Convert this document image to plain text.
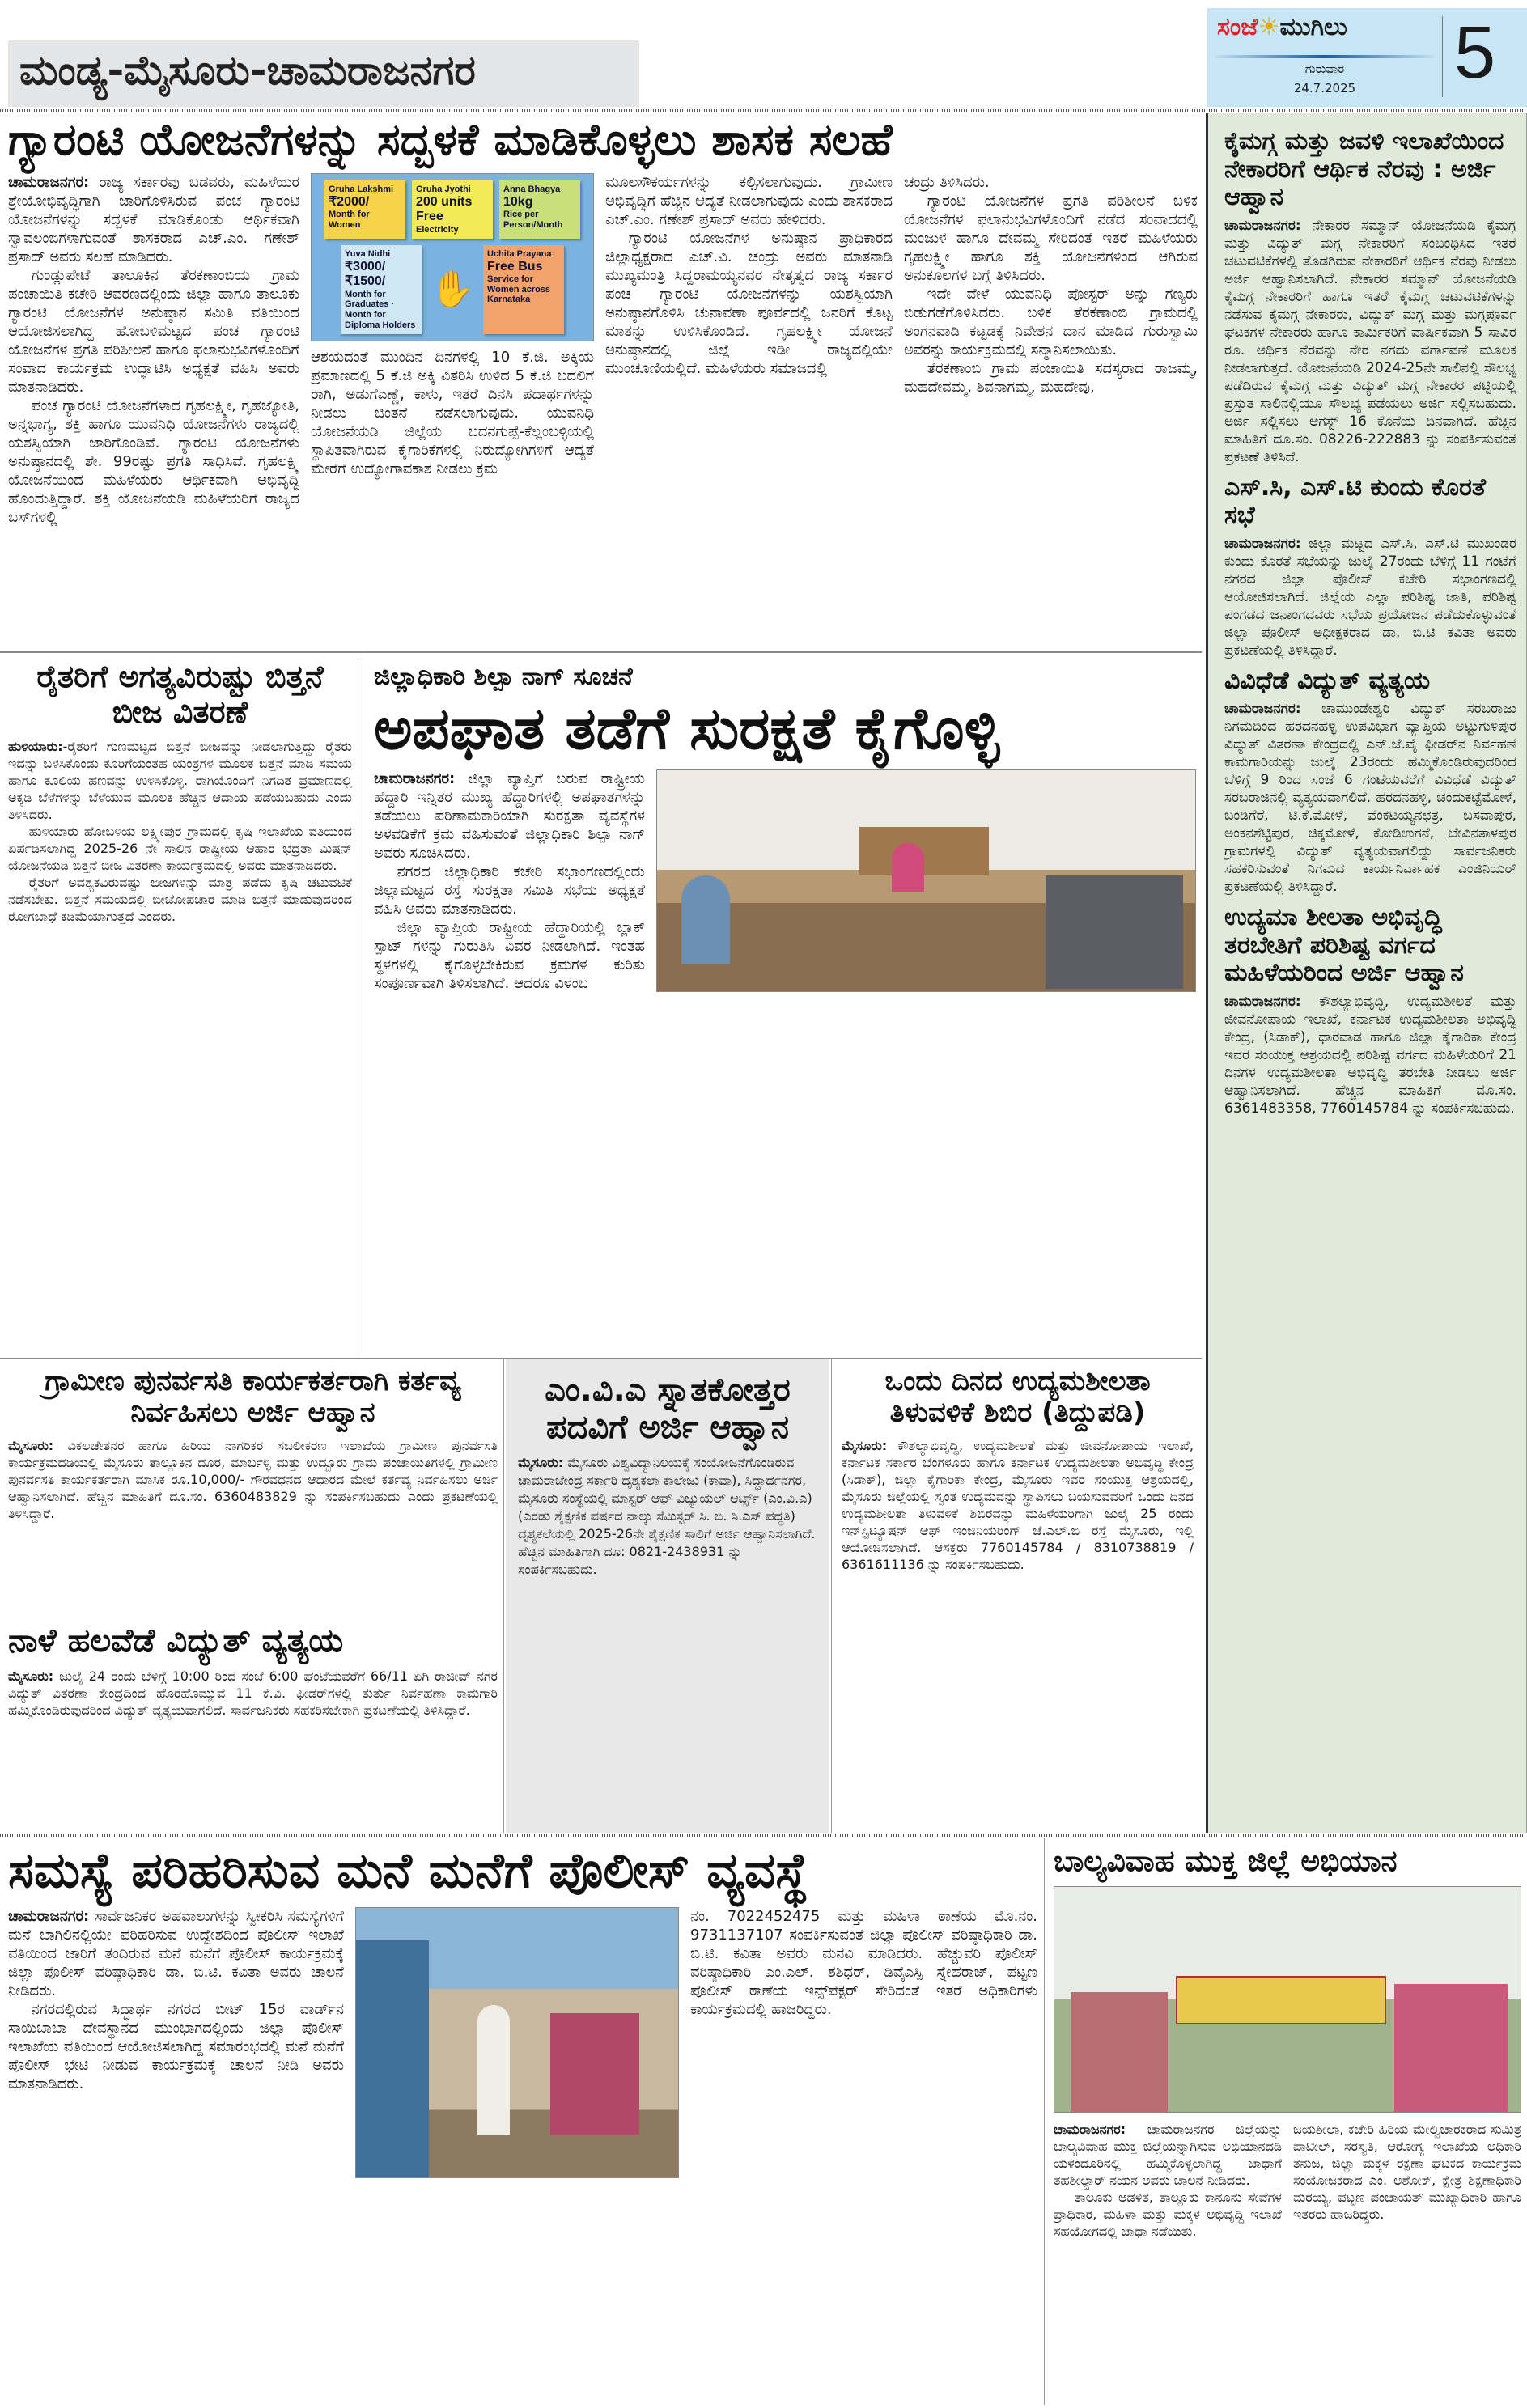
ಮಂಡ್ಯ-ಮೈಸೂರು-ಚಾಮರಾಜನಗರ
ಸಂಜೆ☀ಮುಗಿಲು
ಗುರುವಾರ
24.7.2025	5
ಗ್ಯಾರಂಟಿ ಯೋಜನೆಗಳನ್ನು ಸದ್ಬಳಕೆ ಮಾಡಿಕೊಳ್ಳಲು ಶಾಸಕ ಸಲಹೆ

ಚಾಮರಾಜನಗರ: ರಾಜ್ಯ ಸರ್ಕಾರವು ಬಡವರು, ಮಹಿಳೆಯರ ಶ್ರೇಯೋಭಿವೃದ್ಧಿಗಾಗಿ ಜಾರಿಗೊಳಿಸಿರುವ ಪಂಚ ಗ್ಯಾರಂಟಿ ಯೋಜನೆಗಳನ್ನು ಸದ್ಬಳಕೆ ಮಾಡಿಕೊಂಡು ಆರ್ಥಿಕವಾಗಿ ಸ್ವಾವಲಂಬಿಗಳಾಗುವಂತೆ ಶಾಸಕರಾದ ಎಚ್.ಎಂ. ಗಣೇಶ್ ಪ್ರಸಾದ್ ಅವರು ಸಲಹೆ ಮಾಡಿದರು.

ಗುಂಡ್ಲುಪೇಟೆ ತಾಲೂಕಿನ ತೆರಕಣಾಂಬಿಯ ಗ್ರಾಮ ಪಂಚಾಯಿತಿ ಕಚೇರಿ ಆವರಣದಲ್ಲಿಂದು ಜಿಲ್ಲಾ ಹಾಗೂ ತಾಲೂಕು ಗ್ಯಾರಂಟಿ ಯೋಜನೆಗಳ ಅನುಷ್ಠಾನ ಸಮಿತಿ ವತಿಯಿಂದ ಆಯೋಜಿಸಲಾಗಿದ್ದ ಹೋಬಳಿಮಟ್ಟದ ಪಂಚ ಗ್ಯಾರಂಟಿ ಯೋಜನೆಗಳ ಪ್ರಗತಿ ಪರಿಶೀಲನೆ ಹಾಗೂ ಫಲಾನುಭವಿಗಳೊಂದಿಗೆ ಸಂವಾದ ಕಾರ್ಯಕ್ರಮ ಉದ್ಘಾಟಿಸಿ ಅಧ್ಯಕ್ಷತೆ ವಹಿಸಿ ಅವರು ಮಾತನಾಡಿದರು.

ಪಂಚ ಗ್ಯಾರಂಟಿ ಯೋಜನೆಗಳಾದ ಗೃಹಲಕ್ಷ್ಮೀ, ಗೃಹಜ್ಯೋತಿ, ಅನ್ನಭಾಗ್ಯ, ಶಕ್ತಿ ಹಾಗೂ ಯುವನಿಧಿ ಯೋಜನೆಗಳು ರಾಜ್ಯದಲ್ಲಿ ಯಶಸ್ವಿಯಾಗಿ ಜಾರಿಗೊಂಡಿವೆ. ಗ್ಯಾರಂಟಿ ಯೋಜನೆಗಳು ಅನುಷ್ಠಾನದಲ್ಲಿ ಶೇ. 99ರಷ್ಟು ಪ್ರಗತಿ ಸಾಧಿಸಿವೆ. ಗೃಹಲಕ್ಷ್ಮಿ ಯೋಜನೆಯಿಂದ ಮಹಿಳೆಯರು ಆರ್ಥಿಕವಾಗಿ ಅಭಿವೃದ್ಧಿ ಹೊಂದುತ್ತಿದ್ದಾರೆ. ಶಕ್ತಿ ಯೋಜನೆಯಡಿ ಮಹಿಳೆಯರಿಗೆ ರಾಜ್ಯದ ಬಸ್‌ಗಳಲ್ಲಿ

Gruha Lakshmi
₹2000/
Month for Women
Gruha Jyothi
200 units Free
Electricity
Anna Bhagya
10kg
Rice per Person/Month
Yuva Nidhi
₹3000/ ₹1500/
Month for Graduates · Month for Diploma Holders
✋
Uchita Prayana
Free Bus
Service for Women across Karnataka

ಆಶಯದಂತೆ ಮುಂದಿನ ದಿನಗಳಲ್ಲಿ 10 ಕೆ.ಜಿ. ಅಕ್ಕಿಯ ಪ್ರಮಾಣದಲ್ಲಿ 5 ಕೆ.ಜಿ ಅಕ್ಕಿ ವಿತರಿಸಿ ಉಳಿದ 5 ಕೆ.ಜಿ ಬದಲಿಗೆ ರಾಗಿ, ಅಡುಗೆಎಣ್ಣೆ, ಕಾಳು, ಇತರೆ ದಿನಸಿ ಪದಾರ್ಥಗಳನ್ನು ನೀಡಲು ಚಿಂತನೆ ನಡೆಸಲಾಗುವುದು. ಯುವನಿಧಿ ಯೋಜನೆಯಡಿ ಜಿಲ್ಲೆಯ ಬದನಗುಪ್ಪೆ-ಕೆಲ್ಲಂಬಳ್ಳಿಯಲ್ಲಿ ಸ್ಥಾಪಿತವಾಗಿರುವ ಕೈಗಾರಿಕೆಗಳಲ್ಲಿ ನಿರುದ್ಯೋಗಿಗಳಿಗೆ ಆದ್ಯತೆ ಮೇರೆಗೆ ಉದ್ಯೋಗಾವಕಾಶ ನೀಡಲು ಕ್ರಮ

ಮೂಲಸೌಕರ್ಯಗಳನ್ನು ಕಲ್ಪಿಸಲಾಗುವುದು. ಗ್ರಾಮೀಣ ಅಭಿವೃದ್ಧಿಗೆ ಹೆಚ್ಚಿನ ಆದ್ಯತೆ ನೀಡಲಾಗುವುದು ಎಂದು ಶಾಸಕರಾದ ಎಚ್.ಎಂ. ಗಣೇಶ್ ಪ್ರಸಾದ್ ಅವರು ಹೇಳಿದರು.

ಗ್ಯಾರಂಟಿ ಯೋಜನೆಗಳ ಅನುಷ್ಠಾನ ಪ್ರಾಧಿಕಾರದ ಜಿಲ್ಲಾಧ್ಯಕ್ಷರಾದ ಎಚ್.ವಿ. ಚಂದ್ರು ಅವರು ಮಾತನಾಡಿ ಮುಖ್ಯಮಂತ್ರಿ ಸಿದ್ದರಾಮಯ್ಯನವರ ನೇತೃತ್ವದ ರಾಜ್ಯ ಸರ್ಕಾರ ಪಂಚ ಗ್ಯಾರಂಟಿ ಯೋಜನೆಗಳನ್ನು ಯಶಸ್ವಿಯಾಗಿ ಅನುಷ್ಠಾನಗೊಳಿಸಿ ಚುನಾವಣಾ ಪೂರ್ವದಲ್ಲಿ ಜನರಿಗೆ ಕೊಟ್ಟ ಮಾತನ್ನು ಉಳಿಸಿಕೊಂಡಿದೆ. ಗೃಹಲಕ್ಷ್ಮೀ ಯೋಜನೆ ಅನುಷ್ಠಾನದಲ್ಲಿ ಜಿಲ್ಲೆ ಇಡೀ ರಾಜ್ಯದಲ್ಲಿಯೇ ಮುಂಚೂಣಿಯಲ್ಲಿದೆ. ಮಹಿಳೆಯರು ಸಮಾಜದಲ್ಲಿ

ಚಂದ್ರು ತಿಳಿಸಿದರು.

ಗ್ಯಾರಂಟಿ ಯೋಜನೆಗಳ ಪ್ರಗತಿ ಪರಿಶೀಲನೆ ಬಳಿಕ ಯೋಜನೆಗಳ ಫಲಾನುಭವಿಗಳೊಂದಿಗೆ ನಡೆದ ಸಂವಾದದಲ್ಲಿ ಮಂಜುಳ ಹಾಗೂ ದೇವಮ್ಮ ಸೇರಿದಂತೆ ಇತರೆ ಮಹಿಳೆಯರು ಗೃಹಲಕ್ಷ್ಮೀ ಹಾಗೂ ಶಕ್ತಿ ಯೋಜನೆಗಳಿಂದ ಆಗಿರುವ ಅನುಕೂಲಗಳ ಬಗ್ಗೆ ತಿಳಿಸಿದರು.

ಇದೇ ವೇಳೆ ಯುವನಿಧಿ ಪೋಸ್ಟರ್ ಅನ್ನು ಗಣ್ಯರು ಬಿಡುಗಡೆಗೊಳಿಸಿದರು. ಬಳಿಕ ತೆರಕಣಾಂಬಿ ಗ್ರಾಮದಲ್ಲಿ ಅಂಗನವಾಡಿ ಕಟ್ಟಡಕ್ಕೆ ನಿವೇಶನ ದಾನ ಮಾಡಿದ ಗುರುಸ್ವಾಮಿ ಅವರನ್ನು ಕಾರ್ಯಕ್ರಮದಲ್ಲಿ ಸನ್ಮಾನಿಸಲಾಯಿತು.

ತೆರಕಣಾಂಬಿ ಗ್ರಾಮ ಪಂಚಾಯಿತಿ ಸದಸ್ಯರಾದ ರಾಜಮ್ಮ, ಮಹದೇವಮ್ಮ, ಶಿವನಾಗಮ್ಮ, ಮಹದೇವು,

ರೈತರಿಗೆ ಅಗತ್ಯವಿರುಷ್ಟು ಬಿತ್ತನೆ ಬೀಜ ವಿತರಣೆ

ಹುಳಿಯಾರು:-ರೈತರಿಗೆ ಗುಣಮಟ್ಟದ ಬಿತ್ತನೆ ಬೀಜವನ್ನು ನೀಡಲಾಗುತ್ತಿದ್ದು ರೈತರು ಇದನ್ನು ಬಳಸಿಕೊಂಡು ಕೂರಿಗೆಯಂತಹ ಯಂತ್ರಗಳ ಮೂಲಕ ಬಿತ್ತನೆ ಮಾಡಿ ಸಮಯ ಹಾಗೂ ಕೂಲಿಯ ಹಣವನ್ನು ಉಳಿಸಿಕೊಳ್ಳಿ. ರಾಗಿಯೊಂದಿಗೆ ನಿಗದಿತ ಪ್ರಮಾಣದಲ್ಲಿ ಅಕ್ಕಡಿ ಬೆಳೆಗಳನ್ನು ಬೆಳೆಯುವ ಮೂಲಕ ಹೆಚ್ಚಿನ ಆದಾಯ ಪಡೆಯಬಹುದು ಎಂದು ತಿಳಿಸಿದರು.

ಹುಳಿಯಾರು ಹೋಬಳಿಯ ಲಕ್ಷ್ಮೀಪುರ ಗ್ರಾಮದಲ್ಲಿ ಕೃಷಿ ಇಲಾಖೆಯ ವತಿಯಿಂದ ಏರ್ಪಡಿಸಲಾಗಿದ್ದ 2025-26 ನೇ ಸಾಲಿನ ರಾಷ್ಟ್ರೀಯ ಆಹಾರ ಭದ್ರತಾ ಮಿಷನ್ ಯೋಜನೆಯಡಿ ಬಿತ್ತನೆ ಬೀಜ ವಿತರಣಾ ಕಾರ್ಯಕ್ರಮದಲ್ಲಿ ಅವರು ಮಾತನಾಡಿದರು.

ರೈತರಿಗೆ ಅವಶ್ಯಕವಿರುವಷ್ಟು ಬೀಜಗಳನ್ನು ಮಾತ್ರ ಪಡೆದು ಕೃಷಿ ಚಟುವಟಿಕೆ ನಡೆಸಬೇಕು. ಬಿತ್ತನೆ ಸಮಯದಲ್ಲಿ ಬೀಜೋಪಚಾರ ಮಾಡಿ ಬಿತ್ತನೆ ಮಾಡುವುದರಿಂದ ರೋಗಬಾಧೆ ಕಡಿಮೆಯಾಗುತ್ತದೆ ಎಂದರು.

ಜಿಲ್ಲಾಧಿಕಾರಿ ಶಿಲ್ಪಾ ನಾಗ್ ಸೂಚನೆ
ಅಪಘಾತ ತಡೆಗೆ ಸುರಕ್ಷತೆ ಕೈಗೊಳ್ಳಿ

ಚಾಮರಾಜನಗರ: ಜಿಲ್ಲಾ ವ್ಯಾಪ್ತಿಗೆ ಬರುವ ರಾಷ್ಟ್ರೀಯ ಹೆದ್ದಾರಿ ಇನ್ನಿತರ ಮುಖ್ಯ ಹೆದ್ದಾರಿಗಳಲ್ಲಿ ಅಪಘಾತಗಳನ್ನು ತಡೆಯಲು ಪರಿಣಾಮಕಾರಿಯಾಗಿ ಸುರಕ್ಷತಾ ವ್ಯವಸ್ಥೆಗಳ ಅಳವಡಿಕೆಗೆ ಕ್ರಮ ವಹಿಸುವಂತೆ ಜಿಲ್ಲಾಧಿಕಾರಿ ಶಿಲ್ಪಾ ನಾಗ್ ಅವರು ಸೂಚಿಸಿದರು.

ನಗರದ ಜಿಲ್ಲಾಧಿಕಾರಿ ಕಚೇರಿ ಸಭಾಂಗಣದಲ್ಲಿಂದು ಜಿಲ್ಲಾಮಟ್ಟದ ರಸ್ತೆ ಸುರಕ್ಷತಾ ಸಮಿತಿ ಸಭೆಯ ಅಧ್ಯಕ್ಷತೆ ವಹಿಸಿ ಅವರು ಮಾತನಾಡಿದರು.

ಜಿಲ್ಲಾ ವ್ಯಾಪ್ತಿಯ ರಾಷ್ಟ್ರೀಯ ಹೆದ್ದಾರಿಯಲ್ಲಿ ಬ್ಲಾಕ್ ಸ್ಪಾಟ್ ಗಳನ್ನು ಗುರುತಿಸಿ ವಿವರ ನೀಡಲಾಗಿದೆ. ಇಂತಹ ಸ್ಥಳಗಳಲ್ಲಿ ಕೈಗೊಳ್ಳಬೇಕಿರುವ ಕ್ರಮಗಳ ಕುರಿತು ಸಂಪೂರ್ಣವಾಗಿ ತಿಳಿಸಲಾಗಿದೆ. ಆದರೂ ವಿಳಂಬ

ಗ್ರಾಮೀಣ ಪುನರ್ವಸತಿ ಕಾರ್ಯಕರ್ತರಾಗಿ ಕರ್ತವ್ಯ ನಿರ್ವಹಿಸಲು ಅರ್ಜಿ ಆಹ್ವಾನ

ಮೈಸೂರು: ವಿಕಲಚೇತನರ ಹಾಗೂ ಹಿರಿಯ ನಾಗರಿಕರ ಸಬಲೀಕರಣ ಇಲಾಖೆಯ ಗ್ರಾಮೀಣ ಪುನರ್ವಸತಿ ಕಾರ್ಯಕ್ರಮದಡಿಯಲ್ಲಿ ಮೈಸೂರು ತಾಲ್ಲೂಕಿನ ದೂರ, ಮಾರ್ಬಳ್ಳಿ ಮತ್ತು ಉದ್ಬೂರು ಗ್ರಾಮ ಪಂಚಾಯಿತಿಗಳಲ್ಲಿ ಗ್ರಾಮೀಣ ಪುನರ್ವಸತಿ ಕಾರ್ಯಕರ್ತರಾಗಿ ಮಾಸಿಕ ರೂ.10,000/- ಗೌರವಧನದ ಆಧಾರದ ಮೇಲೆ ಕರ್ತವ್ಯ ನಿರ್ವಹಿಸಲು ಅರ್ಜಿ ಆಹ್ವಾನಿಸಲಾಗಿದೆ. ಹೆಚ್ಚಿನ ಮಾಹಿತಿಗೆ ದೂ.ಸಂ. 6360483829 ನ್ನು ಸಂಪರ್ಕಿಸಬಹುದು ಎಂದು ಪ್ರಕಟಣೆಯಲ್ಲಿ ತಿಳಿಸಿದ್ದಾರೆ.

ನಾಳೆ ಹಲವೆಡೆ ವಿದ್ಯುತ್ ವ್ಯತ್ಯಯ

ಮೈಸೂರು: ಜುಲೈ 24 ರಂದು ಬೆಳಿಗ್ಗೆ 10:00 ರಿಂದ ಸಂಜೆ 6:00 ಘಂಟೆಯವರೆಗೆ 66/11 ಏಗಿ ರಾಜೀವ್ ನಗರ ವಿದ್ಯುತ್ ವಿತರಣಾ ಕೇಂದ್ರದಿಂದ ಹೊರಹೊಮ್ಮುವ 11 ಕೆ.ವಿ. ಫೀಡರ್‌ಗಳಲ್ಲಿ ತುರ್ತು ನಿರ್ವಹಣಾ ಕಾಮಗಾರಿ ಹಮ್ಮಿಕೊಂಡಿರುವುದರಿಂದ ವಿದ್ಯುತ್ ವ್ಯತ್ಯಯವಾಗಲಿದೆ. ಸಾರ್ವಜನಿಕರು ಸಹಕರಿಸಬೇಕಾಗಿ ಪ್ರಕಟಣೆಯಲ್ಲಿ ತಿಳಿಸಿದ್ದಾರೆ.

ಎಂ.ವಿ.ಎ ಸ್ನಾತಕೋತ್ತರ ಪದವಿಗೆ ಅರ್ಜಿ ಆಹ್ವಾನ

ಮೈಸೂರು: ಮೈಸೂರು ವಿಶ್ವವಿದ್ಯಾನಿಲಯಕ್ಕೆ ಸಂಯೋಜನೆಗೊಂಡಿರುವ ಚಾಮರಾಜೇಂದ್ರ ಸರ್ಕಾರಿ ದೃಶ್ಯಕಲಾ ಕಾಲೇಜು (ಕಾವಾ), ಸಿದ್ಧಾರ್ಥನಗರ, ಮೈಸೂರು ಸಂಸ್ಥೆಯಲ್ಲಿ ಮಾಸ್ಟರ್ ಆಫ್ ವಿಜ್ಯುಯಲ್ ಆರ್ಟ್ಸ್ (ಎಂ.ವಿ.ಎ) (ಎರಡು ಶೈಕ್ಷಣಿಕ ವರ್ಷದ ನಾಲ್ಕು ಸೆಮಿಸ್ಟರ್ ಸಿ. ಬಿ. ಸಿ.ಎಸ್ ಪದ್ಧತಿ) ದೃಶ್ಯಕಲೆಯಲ್ಲಿ 2025-26ನೇ ಶೈಕ್ಷಣಿಕ ಸಾಲಿಗೆ ಅರ್ಜಿ ಆಹ್ವಾನಿಸಲಾಗಿದೆ. ಹೆಚ್ಚಿನ ಮಾಹಿತಿಗಾಗಿ ದೂ: 0821-2438931 ನ್ನು ಸಂಪರ್ಕಿಸಬಹುದು.

ಒಂದು ದಿನದ ಉದ್ಯಮಶೀಲತಾ ತಿಳುವಳಿಕೆ ಶಿಬಿರ (ತಿದ್ದುಪಡಿ)

ಮೈಸೂರು: ಕೌಶಲ್ಯಾಭಿವೃದ್ಧಿ, ಉದ್ಯಮಶೀಲತೆ ಮತ್ತು ಜೀವನೋಪಾಯ ಇಲಾಖೆ, ಕರ್ನಾಟಕ ಸರ್ಕಾರ ಬೆಂಗಳೂರು ಹಾಗೂ ಕರ್ನಾಟಕ ಉದ್ಯಮಶೀಲತಾ ಅಭಿವೃದ್ಧಿ ಕೇಂದ್ರ (ಸಿಡಾಕ್), ಜಿಲ್ಲಾ ಕೈಗಾರಿಕಾ ಕೇಂದ್ರ, ಮೈಸೂರು ಇವರ ಸಂಯುಕ್ತ ಆಶ್ರಯದಲ್ಲಿ, ಮೈಸೂರು ಜಿಲ್ಲೆಯಲ್ಲಿ ಸ್ವಂತ ಉದ್ಯಮವನ್ನು ಸ್ಥಾಪಿಸಲು ಬಯಸುವವರಿಗೆ ಒಂದು ದಿನದ ಉದ್ಯಮಶೀಲತಾ ತಿಳುವಳಿಕೆ ಶಿಬಿರವನ್ನು ಮಹಿಳೆಯರಿಗಾಗಿ ಜುಲೈ 25 ರಂದು ಇನ್‌ಸ್ಟಿಟ್ಯೂಷನ್ ಆಫ್ ಇಂಜಿನಿಯರಿಂಗ್ ಜೆ.ಎಲ್.ಬಿ ರಸ್ತೆ ಮೈಸೂರು, ಇಲ್ಲಿ ಆಯೋಜಿಸಲಾಗಿದೆ. ಆಸಕ್ತರು 7760145784 / 8310738819 / 6361611136 ನ್ನು ಸಂಪರ್ಕಿಸಬಹುದು.

ಕೈಮಗ್ಗ ಮತ್ತು ಜವಳಿ ಇಲಾಖೆಯಿಂದ ನೇಕಾರರಿಗೆ ಆರ್ಥಿಕ ನೆರವು : ಅರ್ಜಿ ಆಹ್ವಾನ
ಚಾಮರಾಜನಗರ: ನೇಕಾರರ ಸಮ್ಮಾನ್ ಯೋಜನೆಯಡಿ ಕೈಮಗ್ಗ ಮತ್ತು ವಿದ್ಯುತ್ ಮಗ್ಗ ನೇಕಾರರಿಗೆ ಸಂಬಂಧಿಸಿದ ಇತರೆ ಚಟುವಟಿಕೆಗಳಲ್ಲಿ ತೊಡಗಿರುವ ನೇಕಾರರಿಗೆ ಆರ್ಥಿಕ ನೆರವು ನೀಡಲು ಅರ್ಜಿ ಆಹ್ವಾನಿಸಲಾಗಿದೆ. ನೇಕಾರರ ಸಮ್ಮಾನ್ ಯೋಜನೆಯಡಿ ಕೈಮಗ್ಗ ನೇಕಾರರಿಗೆ ಹಾಗೂ ಇತರೆ ಕೈಮಗ್ಗ ಚಟುವಟಿಕೆಗಳನ್ನು ನಡೆಸುವ ಕೈಮಗ್ಗ ನೇಕಾರರು, ವಿದ್ಯುತ್ ಮಗ್ಗ ಮತ್ತು ಮಗ್ಗಪೂರ್ವ ಘಟಕಗಳ ನೇಕಾರರು ಹಾಗೂ ಕಾರ್ಮಿಕರಿಗೆ ವಾರ್ಷಿಕವಾಗಿ 5 ಸಾವಿರ ರೂ. ಆರ್ಥಿಕ ನೆರವನ್ನು ನೇರ ನಗದು ವರ್ಗಾವಣೆ ಮೂಲಕ ನೀಡಲಾಗುತ್ತದೆ. ಯೋಜನೆಯಡಿ 2024-25ನೇ ಸಾಲಿನಲ್ಲಿ ಸೌಲಭ್ಯ ಪಡೆದಿರುವ ಕೈಮಗ್ಗ ಮತ್ತು ವಿದ್ಯುತ್ ಮಗ್ಗ ನೇಕಾರರ ಪಟ್ಟಿಯಲ್ಲಿ ಪ್ರಸ್ತುತ ಸಾಲಿನಲ್ಲಿಯೂ ಸೌಲಭ್ಯ ಪಡೆಯಲು ಅರ್ಜಿ ಸಲ್ಲಿಸಬಹುದು. ಅರ್ಜಿ ಸಲ್ಲಿಸಲು ಆಗಸ್ಟ್ 16 ಕೊನೆಯ ದಿನವಾಗಿದೆ. ಹೆಚ್ಚಿನ ಮಾಹಿತಿಗೆ ದೂ.ಸಂ. 08226-222883 ನ್ನು ಸಂಪರ್ಕಿಸುವಂತೆ ಪ್ರಕಟಣೆ ತಿಳಿಸಿದೆ.
ಎಸ್.ಸಿ, ಎಸ್.ಟಿ ಕುಂದು ಕೊರತೆ ಸಭೆ
ಚಾಮರಾಜನಗರ: ಜಿಲ್ಲಾ ಮಟ್ಟದ ಎಸ್.ಸಿ, ಎಸ್.ಟಿ ಮುಖಂಡರ ಕುಂದು ಕೊರತೆ ಸಭೆಯನ್ನು ಜುಲೈ 27ರಂದು ಬೆಳಿಗ್ಗೆ 11 ಗಂಟೆಗೆ ನಗರದ ಜಿಲ್ಲಾ ಪೊಲೀಸ್ ಕಚೇರಿ ಸಭಾಂಗಣದಲ್ಲಿ ಆಯೋಜಿಸಲಾಗಿದೆ. ಜಿಲ್ಲೆಯ ಎಲ್ಲಾ ಪರಿಶಿಷ್ಟ ಜಾತಿ, ಪರಿಶಿಷ್ಟ ಪಂಗಡದ ಜನಾಂಗದವರು ಸಭೆಯ ಪ್ರಯೋಜನ ಪಡೆದುಕೊಳ್ಳುವಂತೆ ಜಿಲ್ಲಾ ಪೊಲೀಸ್ ಅಧೀಕ್ಷಕರಾದ ಡಾ. ಬಿ.ಟಿ ಕವಿತಾ ಅವರು ಪ್ರಕಟಣೆಯಲ್ಲಿ ತಿಳಿಸಿದ್ದಾರೆ.
ವಿವಿಧೆಡೆ ವಿದ್ಯುತ್ ವ್ಯತ್ಯಯ
ಚಾಮರಾಜನಗರ: ಚಾಮುಂಡೇಶ್ವರಿ ವಿದ್ಯುತ್ ಸರಬರಾಜು ನಿಗಮದಿಂದ ಹರದನಹಳ್ಳಿ ಉಪವಿಭಾಗ ವ್ಯಾಪ್ತಿಯ ಅಟ್ಟುಗುಳಿಪುರ ವಿದ್ಯುತ್ ವಿತರಣಾ ಕೇಂದ್ರದಲ್ಲಿ ಎನ್.ಜೆ.ವೈ ಫೀಡರ್‌ನ ನಿರ್ವಹಣೆ ಕಾಮಗಾರಿಯನ್ನು ಜುಲೈ 23ರಂದು ಹಮ್ಮಿಕೊಂಡಿರುವುದರಿಂದ ಬೆಳಿಗ್ಗೆ 9 ರಿಂದ ಸಂಜೆ 6 ಗಂಟೆಯವರೆಗೆ ವಿವಿಧೆಡೆ ವಿದ್ಯುತ್ ಸರಬರಾಜಿನಲ್ಲಿ ವ್ಯತ್ಯಯವಾಗಲಿದೆ. ಹರದನಹಳ್ಳಿ, ಚಂದುಕಟ್ಟೆಮೋಳೆ, ಬಂಡಿಗೆರೆ, ಟಿ.ಕೆ.ಮೋಳೆ, ವೆಂಕಟಯ್ಯನಛತ್ರ, ಬಸವಾಪುರ, ಅಂಕನಶೆಟ್ಟಿಪುರ, ಚಿಕ್ಕಮೋಳೆ, ಕೋಡಿಉಗನೆ, ಬೇವಿನತಾಳಪುರ ಗ್ರಾಮಗಳಲ್ಲಿ ವಿದ್ಯುತ್ ವ್ಯತ್ಯಯವಾಗಲಿದ್ದು ಸಾರ್ವಜನಿಕರು ಸಹಕರಿಸುವಂತೆ ನಿಗಮದ ಕಾರ್ಯನಿರ್ವಾಹಕ ಎಂಜಿನಿಯರ್ ಪ್ರಕಟಣೆಯಲ್ಲಿ ತಿಳಿಸಿದ್ದಾರೆ.
ಉದ್ಯಮಾ ಶೀಲತಾ ಅಭಿವೃದ್ಧಿ ತರಬೇತಿಗೆ ಪರಿಶಿಷ್ಟ ವರ್ಗದ ಮಹಿಳೆಯರಿಂದ ಅರ್ಜಿ ಆಹ್ವಾನ
ಚಾಮರಾಜನಗರ: ಕೌಶಲ್ಯಾಭಿವೃದ್ಧಿ, ಉದ್ಯಮಶೀಲತೆ ಮತ್ತು ಜೀವನೋಪಾಯ ಇಲಾಖೆ, ಕರ್ನಾಟಕ ಉದ್ಯಮಶೀಲತಾ ಅಭಿವೃದ್ಧಿ ಕೇಂದ್ರ, (ಸಿಡಾಕ್), ಧಾರವಾಡ ಹಾಗೂ ಜಿಲ್ಲಾ ಕೈಗಾರಿಕಾ ಕೇಂದ್ರ ಇವರ ಸಂಯುಕ್ತ ಆಶ್ರಯದಲ್ಲಿ ಪರಿಶಿಷ್ಟ ವರ್ಗದ ಮಹಿಳೆಯರಿಗೆ 21 ದಿನಗಳ ಉದ್ಯಮಶೀಲತಾ ಅಭಿವೃದ್ಧಿ ತರಬೇತಿ ನೀಡಲು ಅರ್ಜಿ ಆಹ್ವಾನಿಸಲಾಗಿದೆ. ಹೆಚ್ಚಿನ ಮಾಹಿತಿಗೆ ಮೊ.ಸಂ. 6361483358, 7760145784 ನ್ನು ಸಂಪರ್ಕಿಸಬಹುದು.
ಸಮಸ್ಯೆ ಪರಿಹರಿಸುವ ಮನೆ ಮನೆಗೆ ಪೊಲೀಸ್ ವ್ಯವಸ್ಥೆ

ಚಾಮರಾಜನಗರ: ಸಾರ್ವಜನಿಕರ ಅಹವಾಲುಗಳನ್ನು ಸ್ವೀಕರಿಸಿ ಸಮಸ್ಯೆಗಳಿಗೆ ಮನೆ ಬಾಗಿಲಿನಲ್ಲಿಯೇ ಪರಿಹರಿಸುವ ಉದ್ದೇಶದಿಂದ ಪೊಲೀಸ್ ಇಲಾಖೆ ವತಿಯಿಂದ ಜಾರಿಗೆ ತಂದಿರುವ ಮನೆ ಮನೆಗೆ ಪೊಲೀಸ್ ಕಾರ್ಯಕ್ರಮಕ್ಕೆ ಜಿಲ್ಲಾ ಪೊಲೀಸ್ ವರಿಷ್ಠಾಧಿಕಾರಿ ಡಾ. ಬಿ.ಟಿ. ಕವಿತಾ ಅವರು ಚಾಲನೆ ನೀಡಿದರು.

ನಗರದಲ್ಲಿರುವ ಸಿದ್ಧಾರ್ಥ ನಗರದ ಬೀಟ್ 15ರ ವಾರ್ಡ್‌ನ ಸಾಯಿಬಾಬಾ ದೇವಸ್ಥಾನದ ಮುಂಭಾಗದಲ್ಲಿಂದು ಜಿಲ್ಲಾ ಪೊಲೀಸ್ ಇಲಾಖೆಯ ವತಿಯಿಂದ ಆಯೋಜಿಸಲಾಗಿದ್ದ ಸಮಾರಂಭದಲ್ಲಿ ಮನೆ ಮನೆಗೆ ಪೊಲೀಸ್ ಭೇಟಿ ನೀಡುವ ಕಾರ್ಯಕ್ರಮಕ್ಕೆ ಚಾಲನೆ ನೀಡಿ ಅವರು ಮಾತನಾಡಿದರು.

ನಂ. 7022452475 ಮತ್ತು ಮಹಿಳಾ ಠಾಣೆಯ ಮೊ.ನಂ. 9731137107 ಸಂಪರ್ಕಿಸುವಂತೆ ಜಿಲ್ಲಾ ಪೊಲೀಸ್ ವರಿಷ್ಠಾಧಿಕಾರಿ ಡಾ. ಬಿ.ಟಿ. ಕವಿತಾ ಅವರು ಮನವಿ ಮಾಡಿದರು. ಹೆಚ್ಚುವರಿ ಪೊಲೀಸ್ ವರಿಷ್ಠಾಧಿಕಾರಿ ಎಂ.ಎಲ್. ಶಶಿಧರ್, ಡಿವೈಎಸ್ಪಿ ಸ್ನೇಹರಾಜ್, ಪಟ್ಟಣ ಪೊಲೀಸ್ ಠಾಣೆಯ ಇನ್ಸ್‌ಪೆಕ್ಟರ್ ಸೇರಿದಂತೆ ಇತರೆ ಅಧಿಕಾರಿಗಳು ಕಾರ್ಯಕ್ರಮದಲ್ಲಿ ಹಾಜರಿದ್ದರು.

ಬಾಲ್ಯವಿವಾಹ ಮುಕ್ತ ಜಿಲ್ಲೆ ಅಭಿಯಾನ

ಚಾಮರಾಜನಗರ: ಚಾಮರಾಜನಗರ ಜಿಲ್ಲೆಯನ್ನು ಬಾಲ್ಯವಿವಾಹ ಮುಕ್ತ ಜಿಲ್ಲೆಯನ್ನಾಗಿಸುವ ಅಭಿಯಾನದಡಿ ಯಳಂದೂರಿನಲ್ಲಿ ಹಮ್ಮಿಕೊಳ್ಳಲಾಗಿದ್ದ ಜಾಥಾಗೆ ತಹಶೀಲ್ದಾರ್ ನಯನ ಅವರು ಚಾಲನೆ ನೀಡಿದರು.

ತಾಲೂಕು ಆಡಳಿತ, ತಾಲ್ಲೂಕು ಕಾನೂನು ಸೇವೆಗಳ ಪ್ರಾಧಿಕಾರ, ಮಹಿಳಾ ಮತ್ತು ಮಕ್ಕಳ ಅಭಿವೃದ್ಧಿ ಇಲಾಖೆ ಸಹಯೋಗದಲ್ಲಿ ಜಾಥಾ ನಡೆಯಿತು.

ಜಯಶೀಲಾ, ಕಚೇರಿ ಹಿರಿಯ ಮೇಲ್ವಿಚಾರಕರಾದ ಸುಮಿತ್ರ ಪಾಟೀಲ್, ಸರಸ್ವತಿ, ಆರೋಗ್ಯ ಇಲಾಖೆಯ ಅಧಿಕಾರಿ ತನುಜ, ಜಿಲ್ಲಾ ಮಕ್ಕಳ ರಕ್ಷಣಾ ಘಟಕದ ಕಾರ್ಯಕ್ರಮ ಸಂಯೋಜಕರಾದ ಎಂ. ಅಶೋಕ್, ಕ್ಷೇತ್ರ ಶಿಕ್ಷಣಾಧಿಕಾರಿ ಮರಯ್ಯ, ಪಟ್ಟಣ ಪಂಚಾಯತ್ ಮುಖ್ಯಾಧಿಕಾರಿ ಹಾಗೂ ಇತರರು ಹಾಜರಿದ್ದರು.
